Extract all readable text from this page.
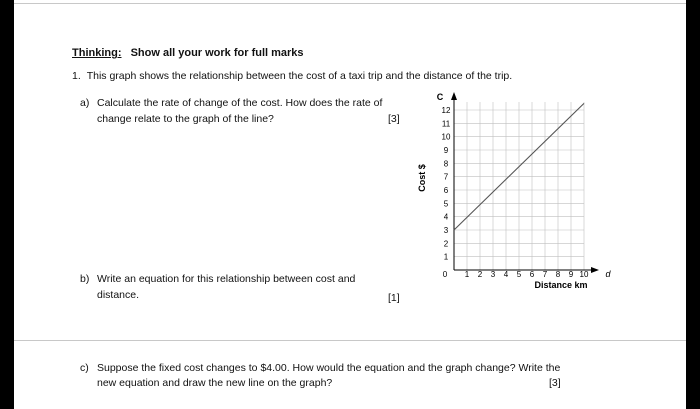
Thinking: Show all your work for full marks
1. This graph shows the relationship between the cost of a taxi trip and the distance of the trip.
a) Calculate the rate of change of the cost. How does the rate of
change relate to the graph of the line?	[3]
b) Write an equation for this relationship between cost and
distance.	[1]
c) Suppose the fixed cost changes to $4.00. How would the equation and the graph change? Write the
new equation and draw the new line on the graph?	[3]
1 2 3 4 5 6 7 8 9 10
1
2
3
4
5
6
7
8
9
10
11
12
Cost $
Distance km
C
d
0
